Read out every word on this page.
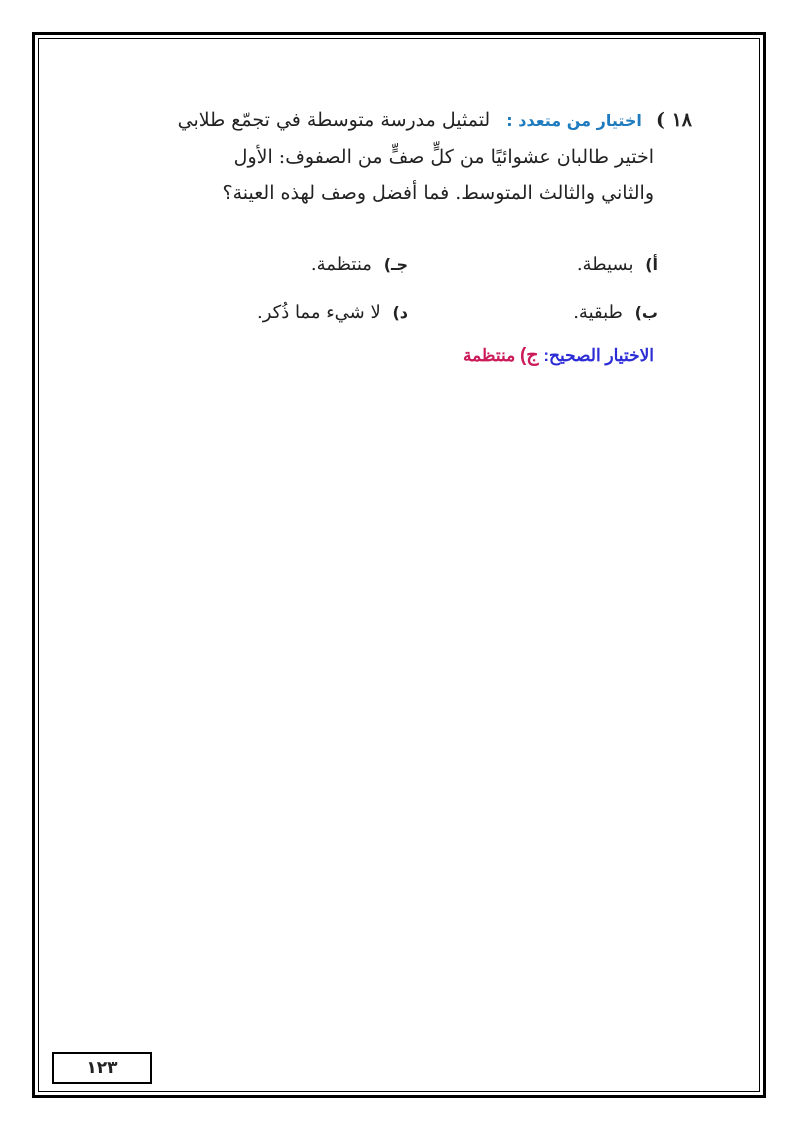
١٨ ) اختيار من متعدد : لتمثيل مدرسة متوسطة في تجمّع طلابي
اختير طالبان عشوائيًا من كلٍّ صفٍّ من الصفوف: الأول
والثاني والثالث المتوسط. فما أفضل وصف لهذه العينة؟
أ) بسيطة.
جـ) منتظمة.
ب) طبقية.
د) لا شيء مما ذُكر.
الاختيار الصحيح: ج) منتظمة
١٢٣
